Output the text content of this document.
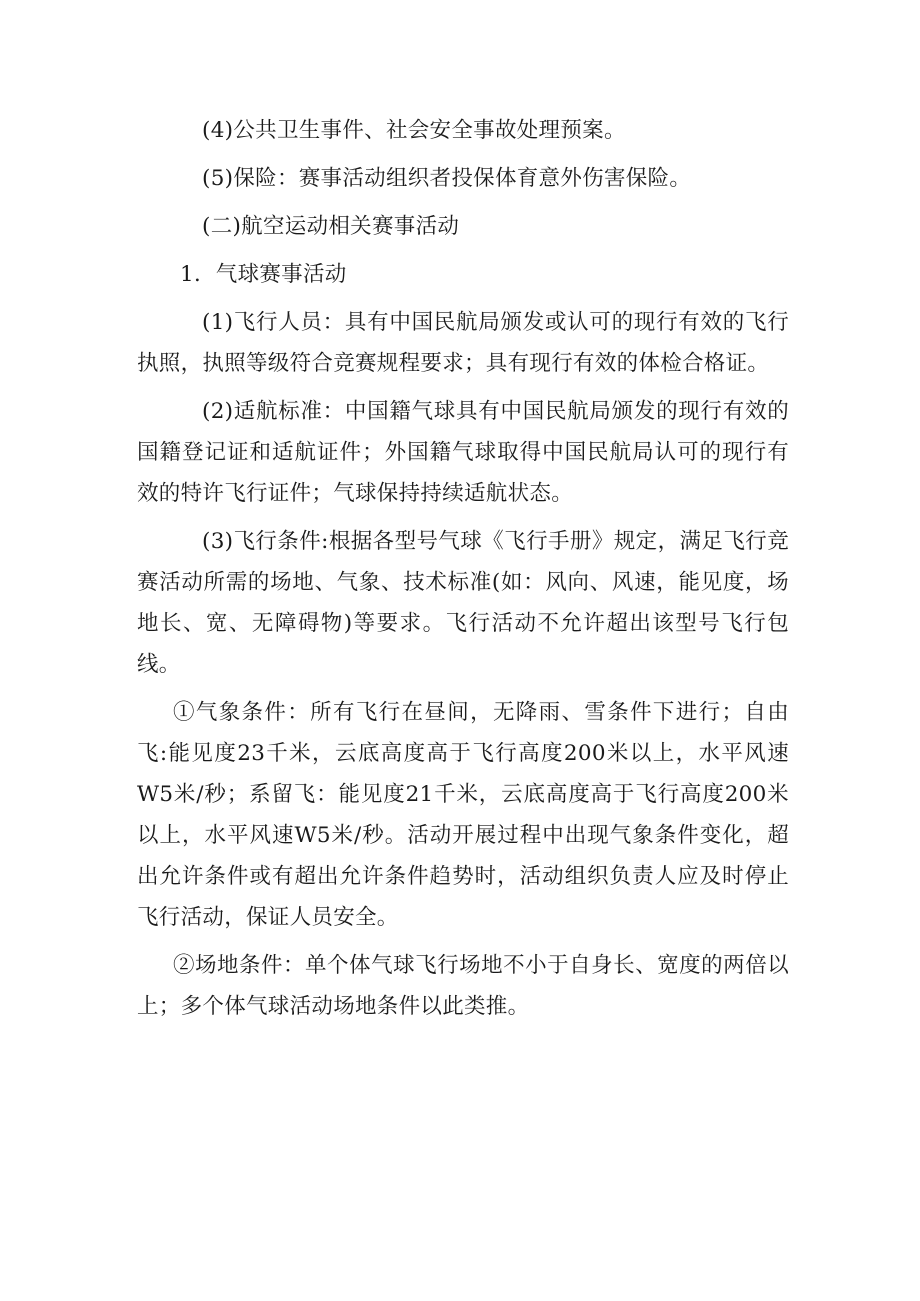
(4)公共卫生事件、社会安全事故处理预案。

(5)保险：赛事活动组织者投保体育意外伤害保险。

(二)航空运动相关赛事活动

1．气球赛事活动

(1)飞行人员：具有中国民航局颁发或认可的现行有效的飞行执照，执照等级符合竞赛规程要求；具有现行有效的体检合格证。

(2)适航标准：中国籍气球具有中国民航局颁发的现行有效的国籍登记证和适航证件；外国籍气球取得中国民航局认可的现行有效的特许飞行证件；气球保持持续适航状态。

(3)飞行条件:根据各型号气球《飞行手册》规定，满足飞行竞赛活动所需的场地、气象、技术标准(如：风向、风速，能见度，场地长、宽、无障碍物)等要求。飞行活动不允许超出该型号飞行包线。

①气象条件：所有飞行在昼间，无降雨、雪条件下进行；自由飞:能见度23千米，云底高度高于飞行高度200米以上，水平风速W5米/秒；系留飞：能见度21千米，云底高度高于飞行高度200米以上，水平风速W5米/秒。活动开展过程中出现气象条件变化，超出允许条件或有超出允许条件趋势时，活动组织负责人应及时停止飞行活动，保证人员安全。

②场地条件：单个体气球飞行场地不小于自身长、宽度的两倍以上；多个体气球活动场地条件以此类推。
